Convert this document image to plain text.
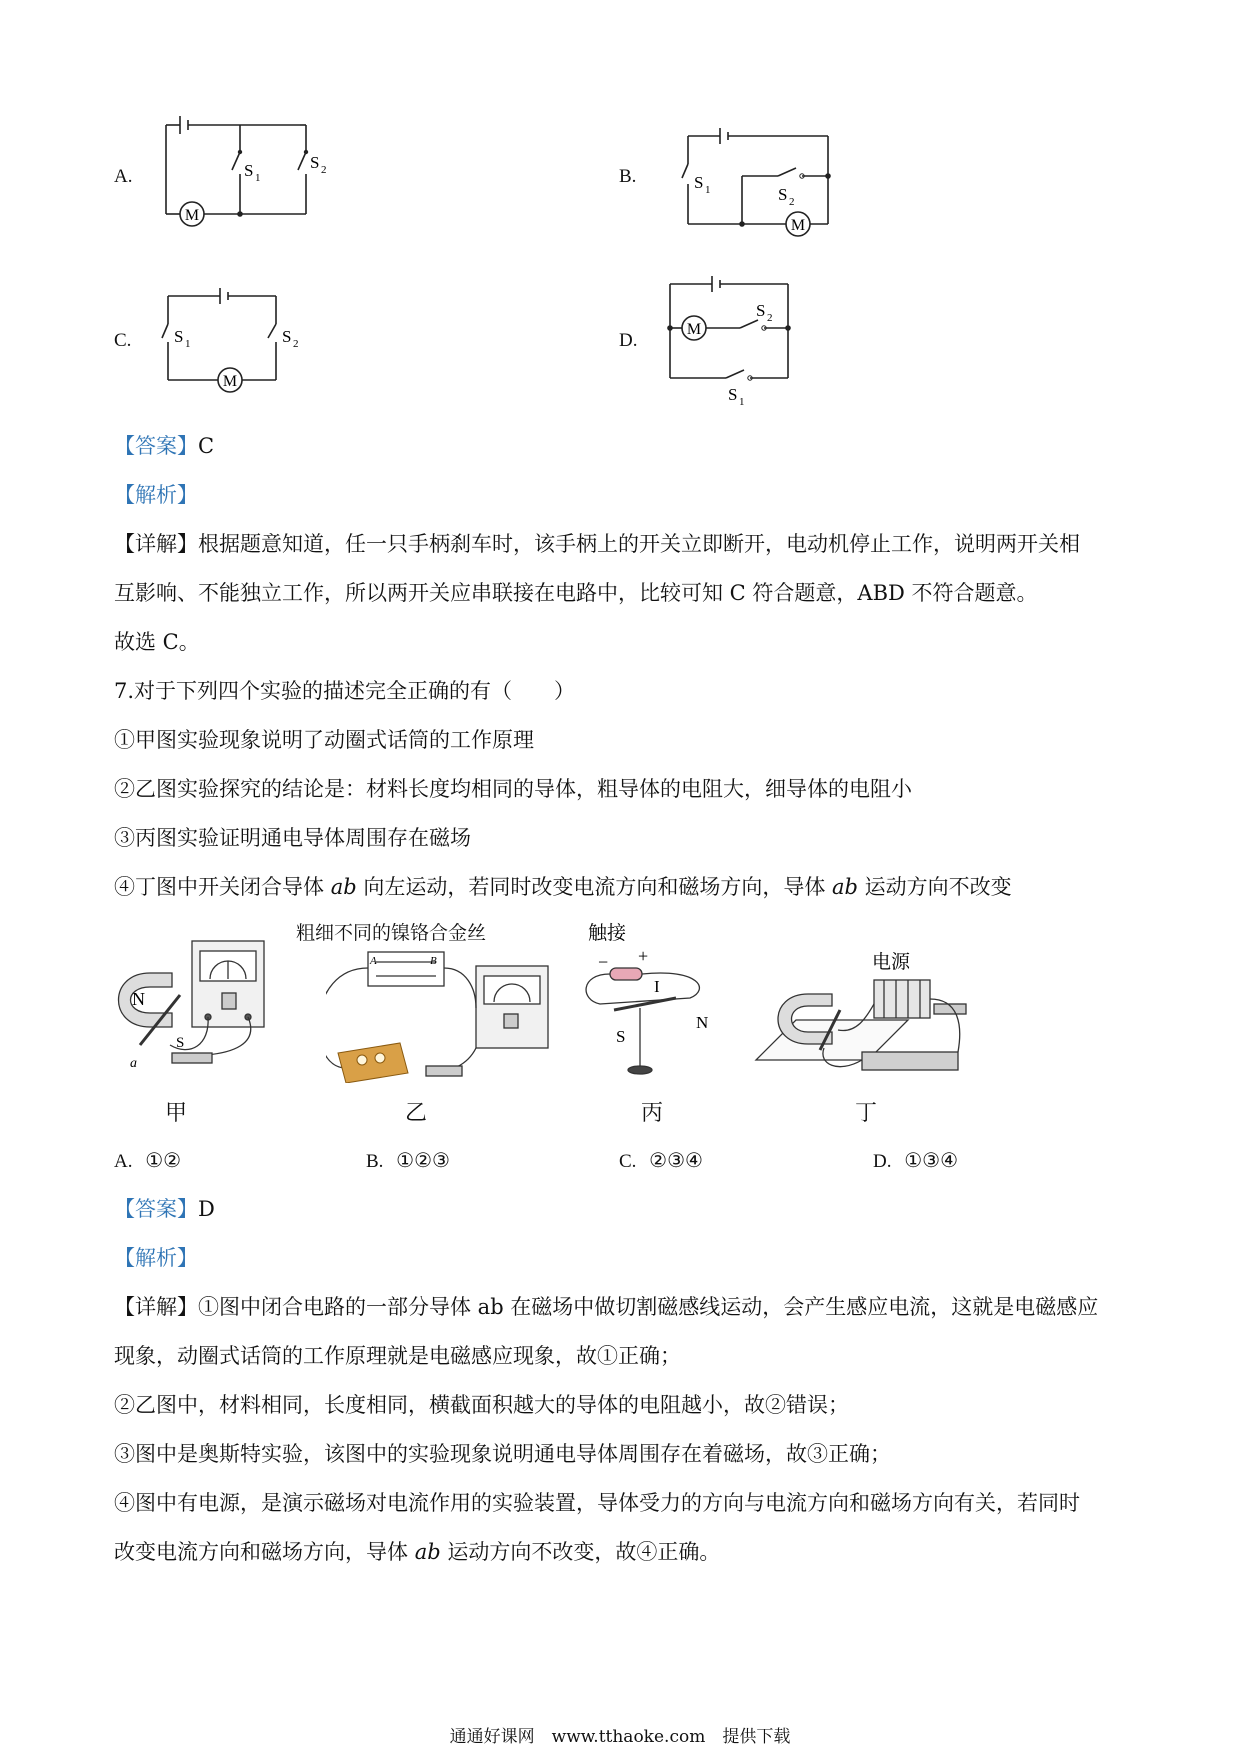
A.
M
S 1
S 2	B.
M
S 1	S 2
C.
M
S 1	S 2	D.
M
S 2
S 1
【答案】C
【解析】
【详解】根据题意知道，任一只手柄刹车时，该手柄上的开关立即断开，电动机停止工作，说明两开关相
互影响、不能独立工作，所以两开关应串联接在电路中，比较可知 C 符合题意，ABD 不符合题意。
故选 C。
7.对于下列四个实验的描述完全正确的有（　　）
①甲图实验现象说明了动圈式话筒的工作原理
②乙图实验探究的结论是：材料长度均相同的导体，粗导体的电阻大，细导体的电阻小
③丙图实验证明通电导体周围存在磁场
④丁图中开关闭合导体 ab 向左运动，若同时改变电流方向和磁场方向，导体 ab 运动方向不改变
N
S
a
甲
粗细不同的镍铬合金丝
A	B
乙
触接
− +
I
N
S
丙
电源
丁
A. ①②	B. ①②③	C. ②③④	D. ①③④
【答案】D
【解析】
【详解】①图中闭合电路的一部分导体 ab 在磁场中做切割磁感线运动，会产生感应电流，这就是电磁感应
现象，动圈式话筒的工作原理就是电磁感应现象，故①正确；
②乙图中，材料相同，长度相同，横截面积越大的导体的电阻越小，故②错误；
③图中是奥斯特实验，该图中的实验现象说明通电导体周围存在着磁场，故③正确；
④图中有电源，是演示磁场对电流作用的实验装置，导体受力的方向与电流方向和磁场方向有关，若同时
改变电流方向和磁场方向，导体 ab 运动方向不改变，故④正确。
通通好课网　www.tthaoke.com　提供下载
